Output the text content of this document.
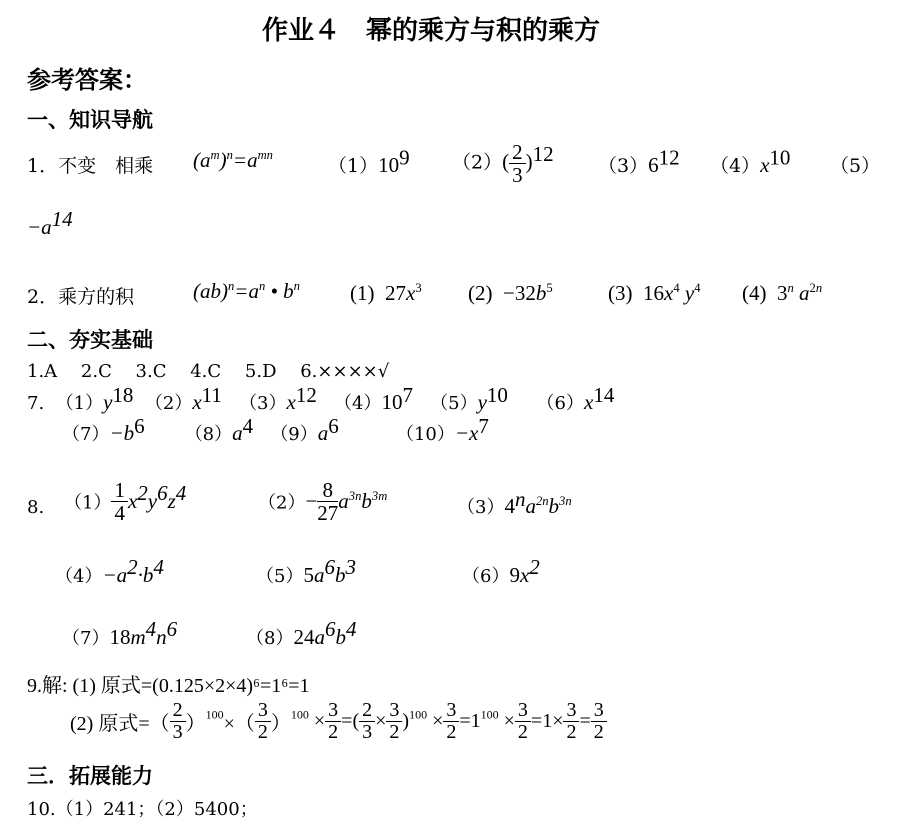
作业４　幂的乘方与积的乘方
参考答案：
一、知识导航
1．不变　相乘 $(a^m)^n=a^{mn}$	$(1)10^9$ $(2)( \frac{2}{3} )^{12}$ $(3)6^{12}$ $(4)x^{10}$ （5）
$-a^{14}$
2．乘方的积	$(ab)^n=a^n$ • $b^n$ (1) $27x^3$ $(2) -32b^5$	(3) $16x^4$ $y^4$ (4) 3$^n$ $a^{2n}$
二、夯实基础
1.A　 2.C　 3.C　 4.C　 5.D　 6.××××√
7. $(1)y^{18}$ $(2)x^{11}$ $(3)x^{12}$ $(4)10^7$ $(5)y^{10}$ $(6)x^{14}$
$(7)-b^6$ $(8)a^4$ $(9)a^6$	$(10)-x^7$
8. $(1) \frac{1}{4} x^2y^6z^4$	$(2)- \frac{8}{27} a^{3n}b^{3m}$
$(3)4^na^{2n}b^{3n}$
$(4)-a^2\cdot b^4$	$(5)5a^6b^3$	$(6)9x^2$
$(7)18m^4n^6$	$(8)24a^6b^4$
9.解: (1) 原式=(0.125×2×4)⁶=1⁶=1
(2) 原式=（ $\frac{2}{3} )^{100}\times( \frac{3}{2} )^{100} \times \frac{3}{2}$ =( $\frac{2}{3} \times \frac{3}{2} )^{100} \times \frac{3}{2} =1^{100} \times \frac{3}{2} =1\times \frac{3}{2} = \frac{3}{2}$
三．拓展能力
10.（1）241；（2）5400；
